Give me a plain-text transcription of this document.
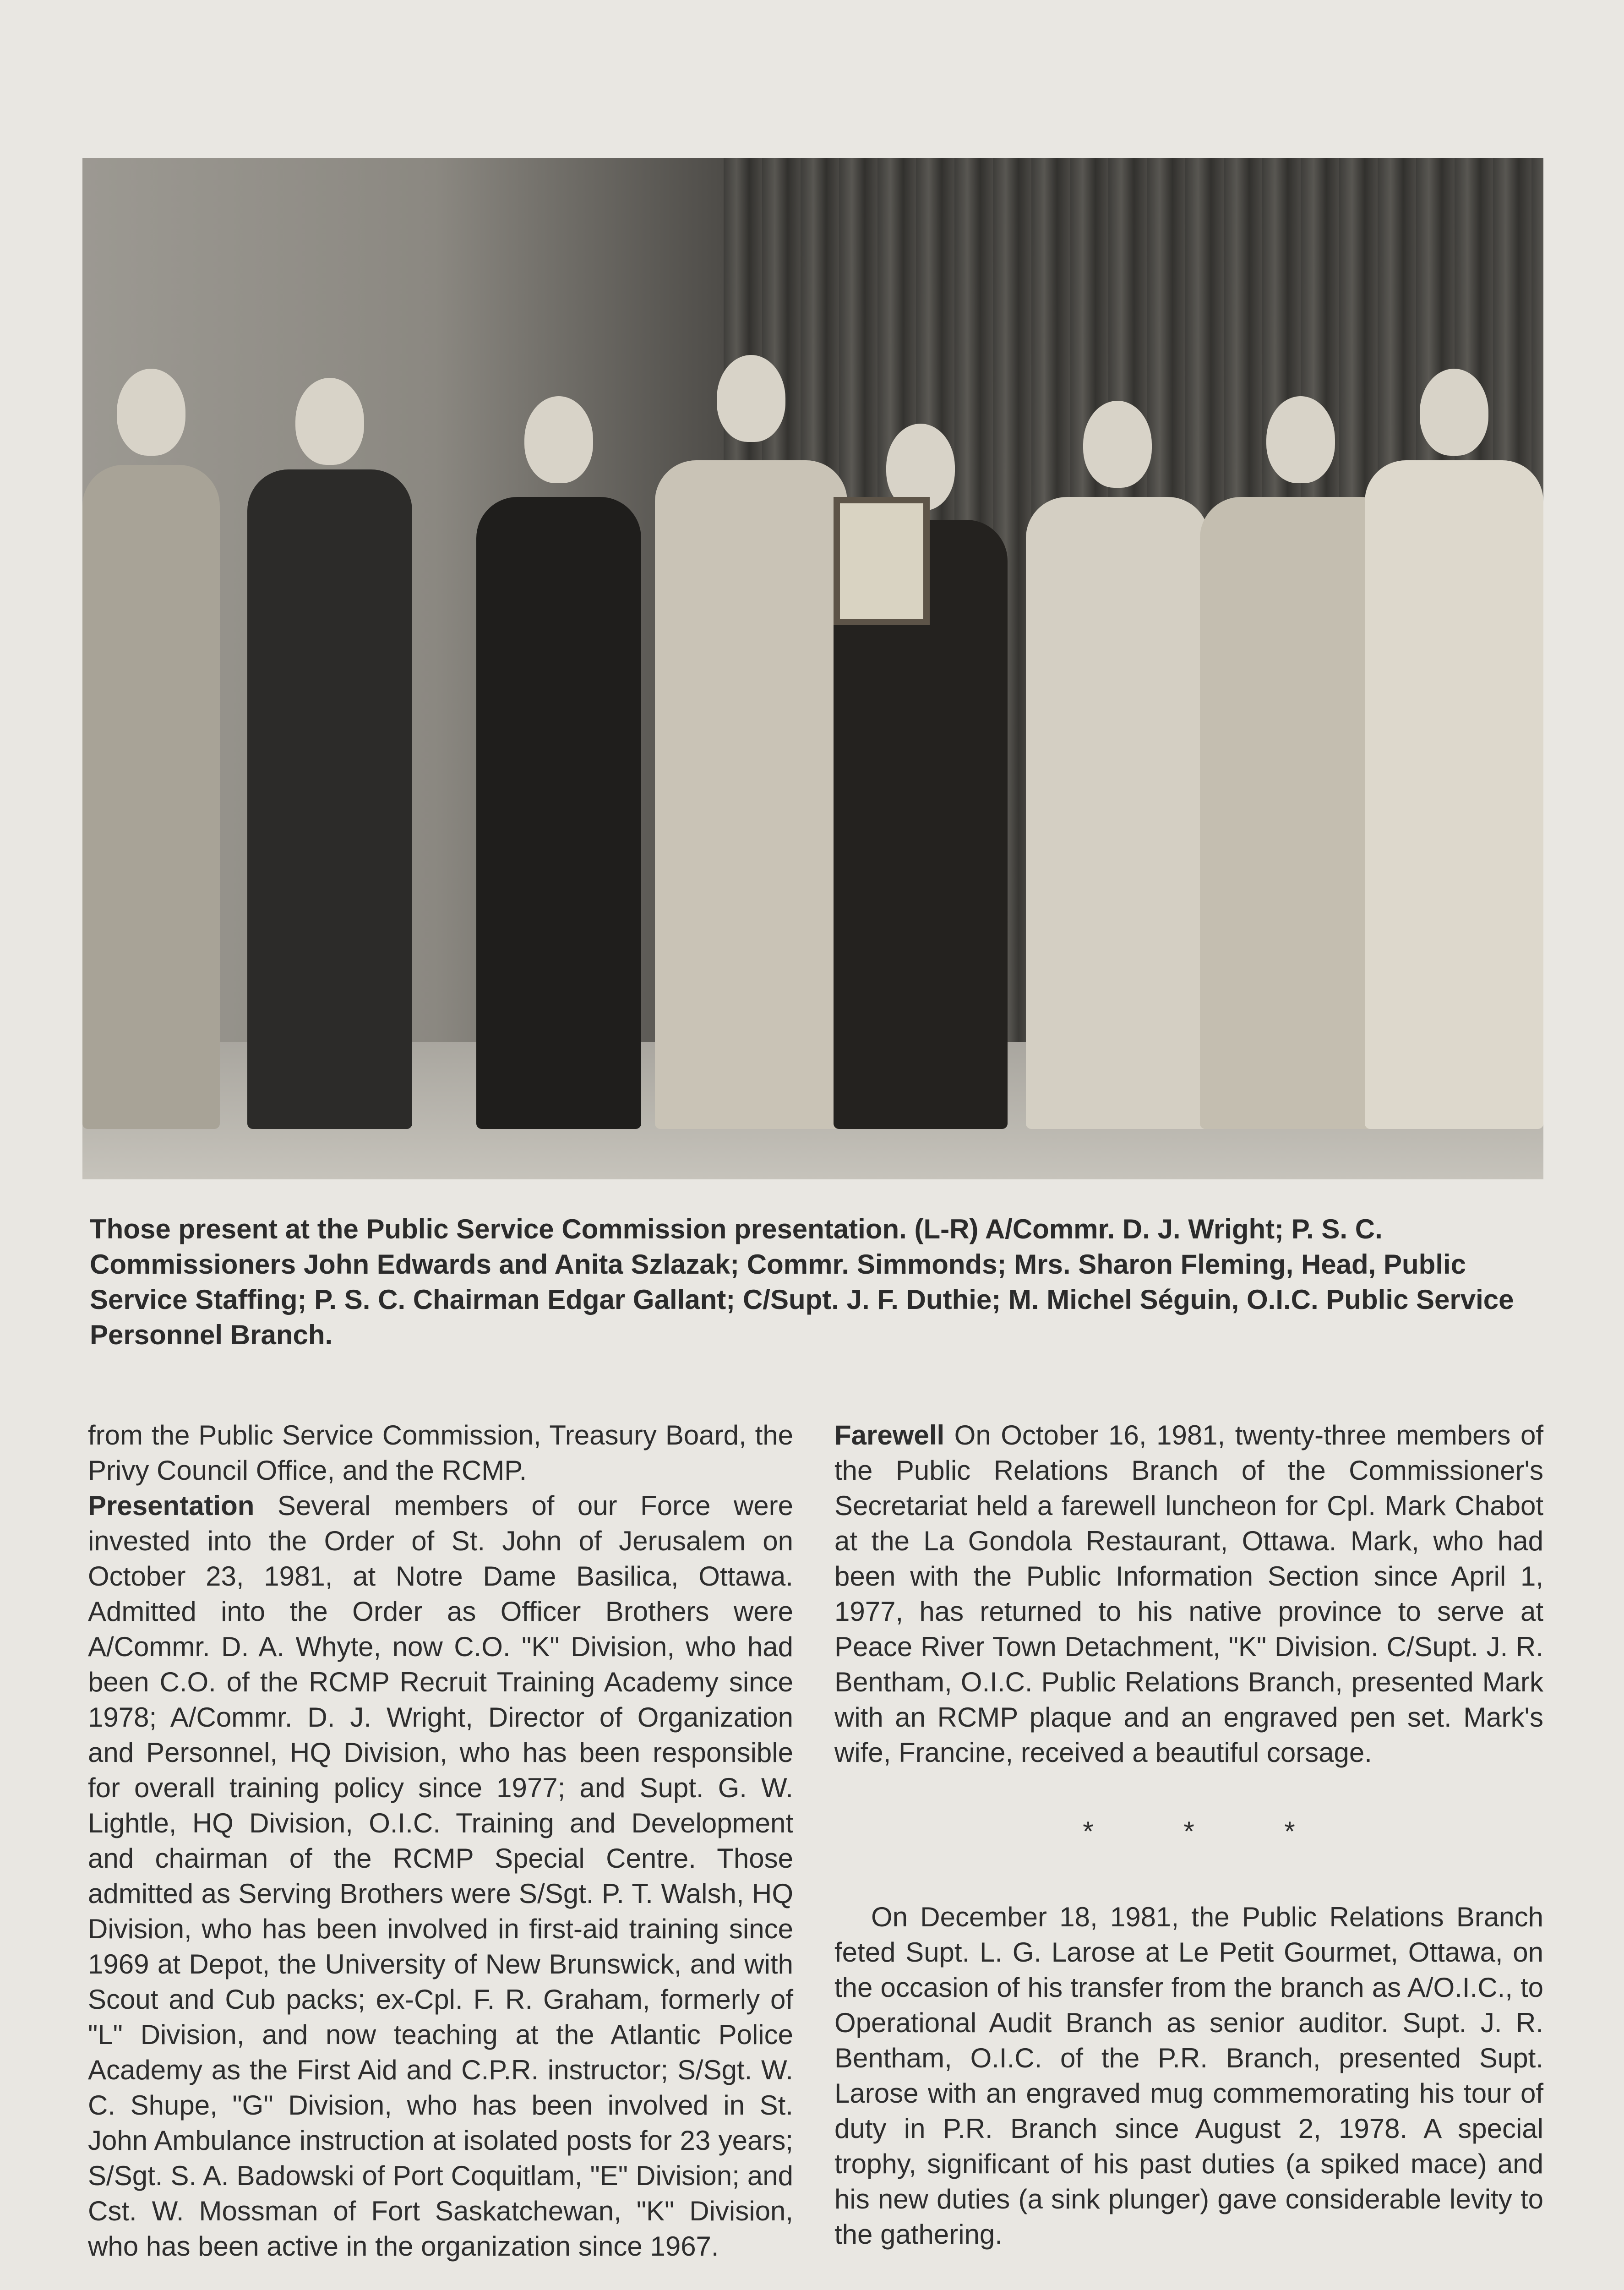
Those present at the Public Service Commission presentation. (L-R) A/Commr. D. J. Wright; P. S. C. Commissioners John Edwards and Anita Szlazak; Commr. Simmonds; Mrs. Sharon Fleming, Head, Public Service Staffing; P. S. C. Chairman Edgar Gallant; C/Supt. J. F. Duthie; M. Michel Séguin, O.I.C. Public Service Personnel Branch.

from the Public Service Commission, Treasury Board, the Privy Council Office, and the RCMP.

Presentation Several members of our Force were invested into the Order of St. John of Jerusalem on October 23, 1981, at Notre Dame Basilica, Ottawa. Admitted into the Order as Officer Brothers were A/Commr. D. A. Whyte, now C.O. "K" Division, who had been C.O. of the RCMP Recruit Training Academy since 1978; A/Commr. D. J. Wright, Director of Organization and Personnel, HQ Division, who has been responsible for overall training policy since 1977; and Supt. G. W. Lightle, HQ Division, O.I.C. Training and Development and chairman of the RCMP Special Centre. Those admitted as Serving Brothers were S/Sgt. P. T. Walsh, HQ Division, who has been involved in first-aid training since 1969 at Depot, the University of New Brunswick, and with Scout and Cub packs; ex-Cpl. F. R. Graham, formerly of "L" Division, and now teaching at the Atlantic Police Academy as the First Aid and C.P.R. instructor; S/Sgt. W. C. Shupe, "G" Division, who has been involved in St. John Ambulance instruction at isolated posts for 23 years; S/Sgt. S. A. Badowski of Port Coquitlam, "E" Division; and Cst. W. Mossman of Fort Saskatchewan, "K" Division, who has been active in the organization since 1967.

Farewell On October 16, 1981, twenty-three members of the Public Relations Branch of the Commissioner's Secretariat held a farewell luncheon for Cpl. Mark Chabot at the La Gondola Restaurant, Ottawa. Mark, who had been with the Public Information Section since April 1, 1977, has returned to his native province to serve at Peace River Town Detachment, "K" Division. C/Supt. J. R. Bentham, O.I.C. Public Relations Branch, presented Mark with an RCMP plaque and an engraved pen set. Mark's wife, Francine, received a beautiful corsage.

* * *

On December 18, 1981, the Public Relations Branch feted Supt. L. G. Larose at Le Petit Gourmet, Ottawa, on the occasion of his transfer from the branch as A/O.I.C., to Operational Audit Branch as senior auditor. Supt. J. R. Bentham, O.I.C. of the P.R. Branch, presented Supt. Larose with an engraved mug commemorating his tour of duty in P.R. Branch since August 2, 1978. A special trophy, significant of his past duties (a spiked mace) and his new duties (a sink plunger) gave considerable levity to the gathering.
